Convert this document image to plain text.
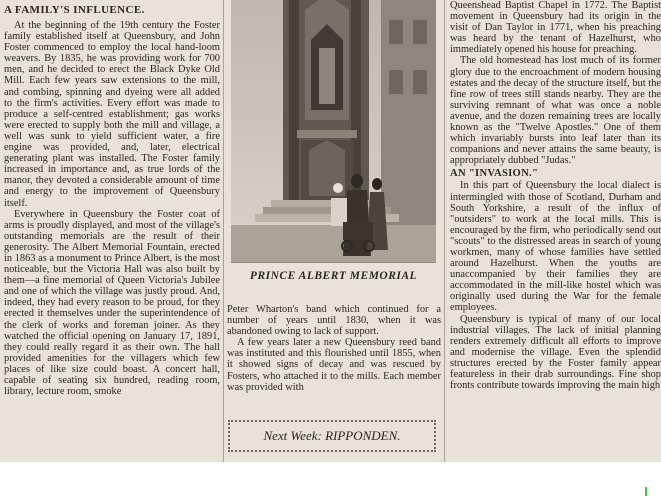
A FAMILY'S INFLUENCE.

At the beginning of the 19th century the Foster family established itself at Queensbury, and John Foster commenced to employ the local hand-loom weavers. By 1835, he was providing work for 700 men, and he decided to erect the Black Dyke Old Mill. Each few years saw extensions to the mill, and combing, spinning and dyeing were all added to the firm's activities. Every effort was made to produce a self-centred establishment; gas works were erected to supply both the mill and village, a well was sunk to yield sufficient water, a fire engine was provided, and, later, electrical generating plant was installed. The Foster family increased in importance and, as true lords of the manor, they devoted a considerable amount of time and energy to the improvement of Queensbury itself.

Everywhere in Queensbury the Foster coat of arms is proudly displayed, and most of the village's outstanding memorials are the result of their generosity. The Albert Memorial Fountain, erected in 1863 as a monument to Prince Albert, is the most noticeable, but the Victoria Hall was also built by them—a fine memorial of Queen Victoria's Jubilee and one of which the village was justly proud. And, indeed, they had every reason to be proud, for they erected it themselves under the superintendence of the clerk of works and foreman joiner. As they watched the official opening on January 17, 1891, they could really regard it as their own. The hall provided amenities for the villagers which few places of like size could boast. A concert hall, capable of seating six hundred, reading room, library, lecture room, smoke

PRINCE ALBERT MEMORIAL

Peter Wharton's band which continued for a number of years until 1830, when it was abandoned owing to lack of support.

A few years later a new Queensbury reed band was instituted and this flourished until 1855, when it showed signs of decay and was rescued by Fosters, who attached it to the mills. Each member was provided with

Next Week: RIPPONDEN.

Queenshead Baptist Chapel in 1772. The Baptist movement in Queensbury had its origin in the visit of Dan Taylor in 1771, when his preaching was heard by the tenant of Hazelhurst, who immediately opened his house for preaching.

The old homestead has lost much of its former glory due to the encroachment of modern housing estates and the decay of the structure itself, but the fine row of trees still stands nearby. They are the surviving remnant of what was once a noble avenue, and the dozen remaining trees are locally known as the "Twelve Apostles." One of them which invariably bursts into leaf later than its companions and never attains the same beauty, is appropriately dubbed "Judas."

AN "INVASION."

In this part of Queensbury the local dialect is intermingled with those of Scotland, Durham and South Yorkshire, a result of the influx of "outsiders" to work at the local mills. This is encouraged by the firm, who periodically send out "scouts" to the distressed areas in search of young workmen, many of whose families have settled around Hazelhurst. When the youths are unaccompanied by their families they are accommodated in the mill-like hostel which was originally used during the War for the female employees.

Queensbury is typical of many of our local industrial villages. The lack of initial planning renders extremely difficult all efforts to improve and modernise the village. Even the splendid structures erected by the Foster family appear featureless in their drab surroundings. Fine shop fronts contribute towards improving the main high
